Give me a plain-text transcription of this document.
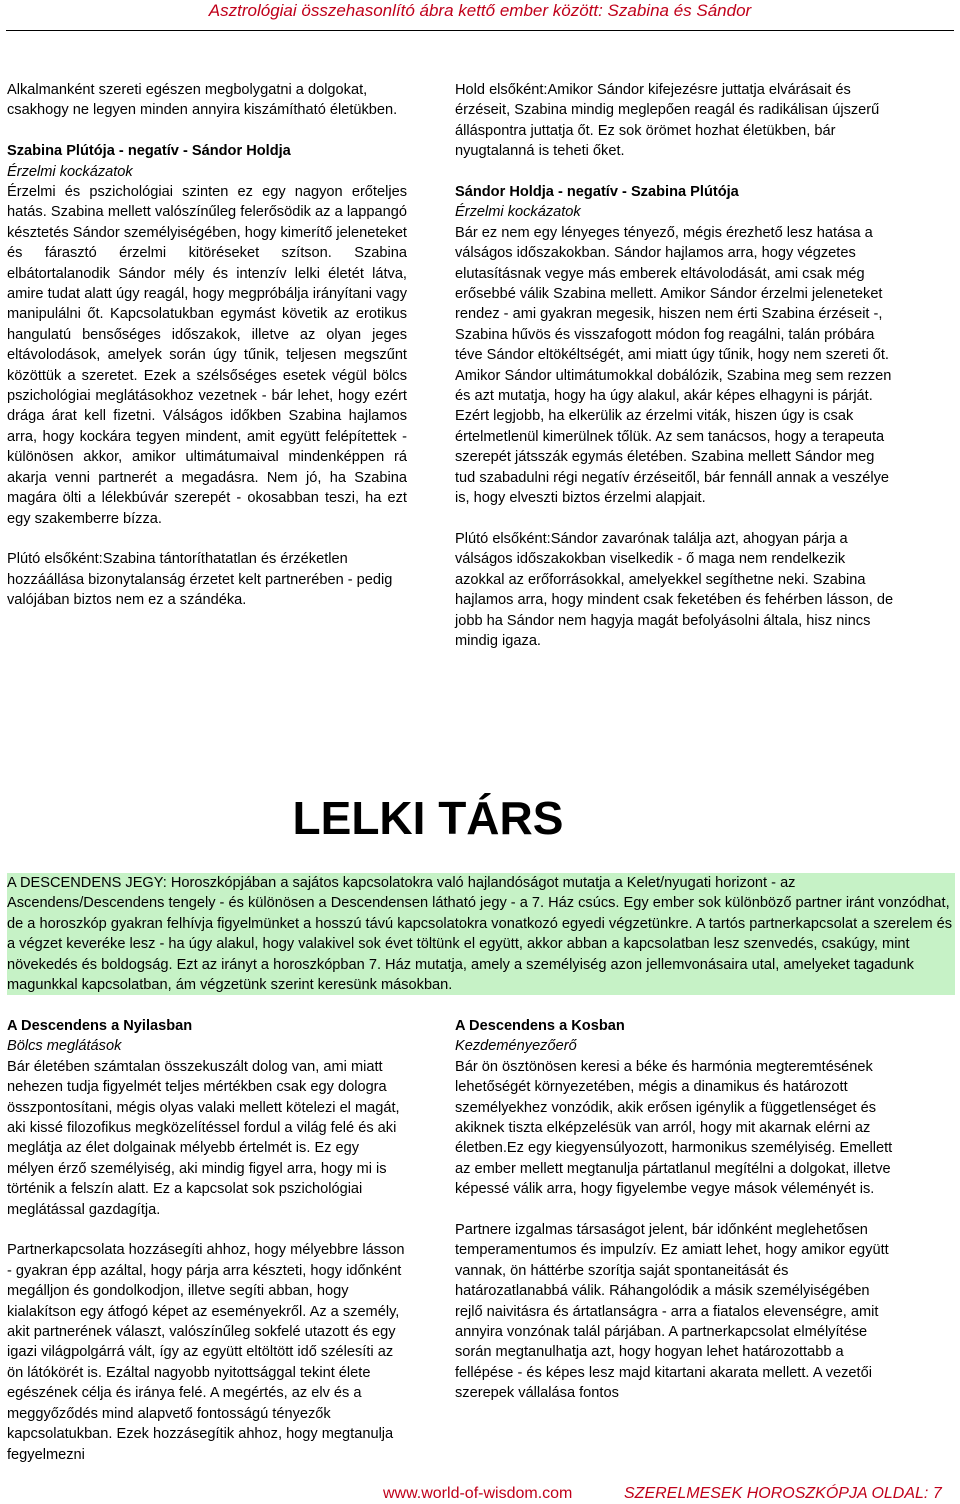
Asztrológiai összehasonlító ábra kettő ember között: Szabina és Sándor

Alkalmanként szereti egészen megbolygatni a dolgokat, csakhogy ne legyen minden annyira kiszámítható életükben.

Szabina Plútója - negatív - Sándor Holdja

Érzelmi kockázatok

Érzelmi és pszichológiai szinten ez egy nagyon erőteljes hatás. Szabina mellett valószínűleg felerősödik az a lappangó késztetés Sándor személyiségében, hogy kimerítő jeleneteket és fárasztó érzelmi kitöréseket szítson. Szabina elbátortalanodik Sándor mély és intenzív lelki életét látva, amire tudat alatt úgy reagál, hogy megpróbálja irányítani vagy manipulálni őt. Kapcsolatukban egymást követik az erotikus hangulatú bensőséges időszakok, illetve az olyan jeges eltávolodások, amelyek során úgy tűnik, teljesen megszűnt közöttük a szeretet. Ezek a szélsőséges esetek végül bölcs pszichológiai meglátásokhoz vezetnek - bár lehet, hogy ezért drága árat kell fizetni. Válságos időkben Szabina hajlamos arra, hogy kockára tegyen mindent, amit együtt felépítettek - különösen akkor, amikor ultimátumaival mindenképpen rá akarja venni partnerét a megadásra. Nem jó, ha Szabina magára ölti a lélekbúvár szerepét - okosabban teszi, ha ezt egy szakemberre bízza.

Plútó elsőként:Szabina tántoríthatatlan és érzéketlen hozzáállása bizonytalanság érzetet kelt partnerében - pedig valójában biztos nem ez a szándéka.

Hold elsőként:Amikor Sándor kifejezésre juttatja elvárásait és érzéseit, Szabina mindig meglepően reagál és radikálisan újszerű álláspontra juttatja őt. Ez sok örömet hozhat életükben, bár nyugtalanná is teheti őket.

Sándor Holdja - negatív - Szabina Plútója

Érzelmi kockázatok

Bár ez nem egy lényeges tényező, mégis érezhető lesz hatása a válságos időszakokban. Sándor hajlamos arra, hogy végzetes elutasításnak vegye más emberek eltávolodását, ami csak még erősebbé válik Szabina mellett. Amikor Sándor érzelmi jeleneteket rendez - ami gyakran megesik, hiszen nem érti Szabina érzéseit -, Szabina hűvös és visszafogott módon fog reagálni, talán próbára téve Sándor eltökéltségét, ami miatt úgy tűnik, hogy nem szereti őt. Amikor Sándor ultimátumokkal dobálózik, Szabina meg sem rezzen és azt mutatja, hogy ha úgy alakul, akár képes elhagyni is párját. Ezért legjobb, ha elkerülik az érzelmi viták, hiszen úgy is csak értelmetlenül kimerülnek tőlük. Az sem tanácsos, hogy a terapeuta szerepét játsszák egymás életében. Szabina mellett Sándor meg tud szabadulni régi negatív érzéseitől, bár fennáll annak a veszélye is, hogy elveszti biztos érzelmi alapjait.

Plútó elsőként:Sándor zavarónak találja azt, ahogyan párja a válságos időszakokban viselkedik - ő maga nem rendelkezik azokkal az erőforrásokkal, amelyekkel segíthetne neki. Szabina hajlamos arra, hogy mindent csak feketében és fehérben lásson, de jobb ha Sándor nem hagyja magát befolyásolni általa, hisz nincs mindig igaza.

LELKI TÁRS

A DESCENDENS JEGY: Horoszkópjában a sajátos kapcsolatokra való hajlandóságot mutatja a Kelet/nyugati horizont - az Ascendens/Descendens tengely - és különösen a Descendensen látható jegy - a 7. Ház csúcs. Egy ember sok különböző partner iránt vonzódhat, de a horoszkóp gyakran felhívja figyelmünket a hosszú távú kapcsolatokra vonatkozó egyedi végzetünkre. A tartós partnerkapcsolat a szerelem és a végzet keveréke lesz - ha úgy alakul, hogy valakivel sok évet töltünk el együtt, akkor abban a kapcsolatban lesz szenvedés, csakúgy, mint növekedés és boldogság. Ezt az irányt a horoszkópban 7. Ház mutatja, amely a személyiség azon jellemvonásaira utal, amelyeket tagadunk magunkkal kapcsolatban, ám végzetünk szerint keresünk másokban.

A Descendens a Nyilasban

Bölcs meglátások

Bár életében számtalan összekuszált dolog van, ami miatt nehezen tudja figyelmét teljes mértékben csak egy dologra összpontosítani, mégis olyas valaki mellett kötelezi el magát, aki kissé filozofikus megközelítéssel fordul a világ felé és aki meglátja az élet dolgainak mélyebb értelmét is. Ez egy mélyen érző személyiség, aki mindig figyel arra, hogy mi is történik a felszín alatt. Ez a kapcsolat sok pszichológiai meglátással gazdagítja.

Partnerkapcsolata hozzásegíti ahhoz, hogy mélyebbre lásson - gyakran épp azáltal, hogy párja arra készteti, hogy időnként megálljon és gondolkodjon, illetve segíti abban, hogy kialakítson egy átfogó képet az eseményekről. Az a személy, akit partnerének választ, valószínűleg sokfelé utazott és egy igazi világpolgárrá vált, így az együtt eltöltött idő szélesíti az ön látókörét is. Ezáltal nagyobb nyitottsággal tekint élete egészének célja és iránya felé. A megértés, az elv és a meggyőződés mind alapvető fontosságú tényezők kapcsolatukban. Ezek hozzásegítik ahhoz, hogy megtanulja fegyelmezni

A Descendens a Kosban

Kezdeményezőerő

Bár ön ösztönösen keresi a béke és harmónia megteremtésének lehetőségét környezetében, mégis a dinamikus és határozott személyekhez vonzódik, akik erősen igénylik a függetlenséget és akiknek tiszta elképzelésük van arról, hogy mit akarnak elérni az életben.Ez egy kiegyensúlyozott, harmonikus személyiség. Emellett az ember mellett megtanulja pártatlanul megítélni a dolgokat, illetve képessé válik arra, hogy figyelembe vegye mások véleményét is.

Partnere izgalmas társaságot jelent, bár időnként meglehetősen temperamentumos és impulzív. Ez amiatt lehet, hogy amikor együtt vannak, ön háttérbe szorítja saját spontaneitását és határozatlanabbá válik. Ráhangolódik a másik személyiségében rejlő naivitásra és ártatlanságra - arra a fiatalos elevenségre, amit annyira vonzónak talál párjában. A partnerkapcsolat elmélyítése során megtanulhatja azt, hogy hogyan lehet határozottabb a fellépése - és képes lesz majd kitartani akarata mellett. A vezetői szerepek vállalása fontos

www.world-of-wisdom.com	SZERELMESEK HOROSZKÓPJA OLDAL: 7
